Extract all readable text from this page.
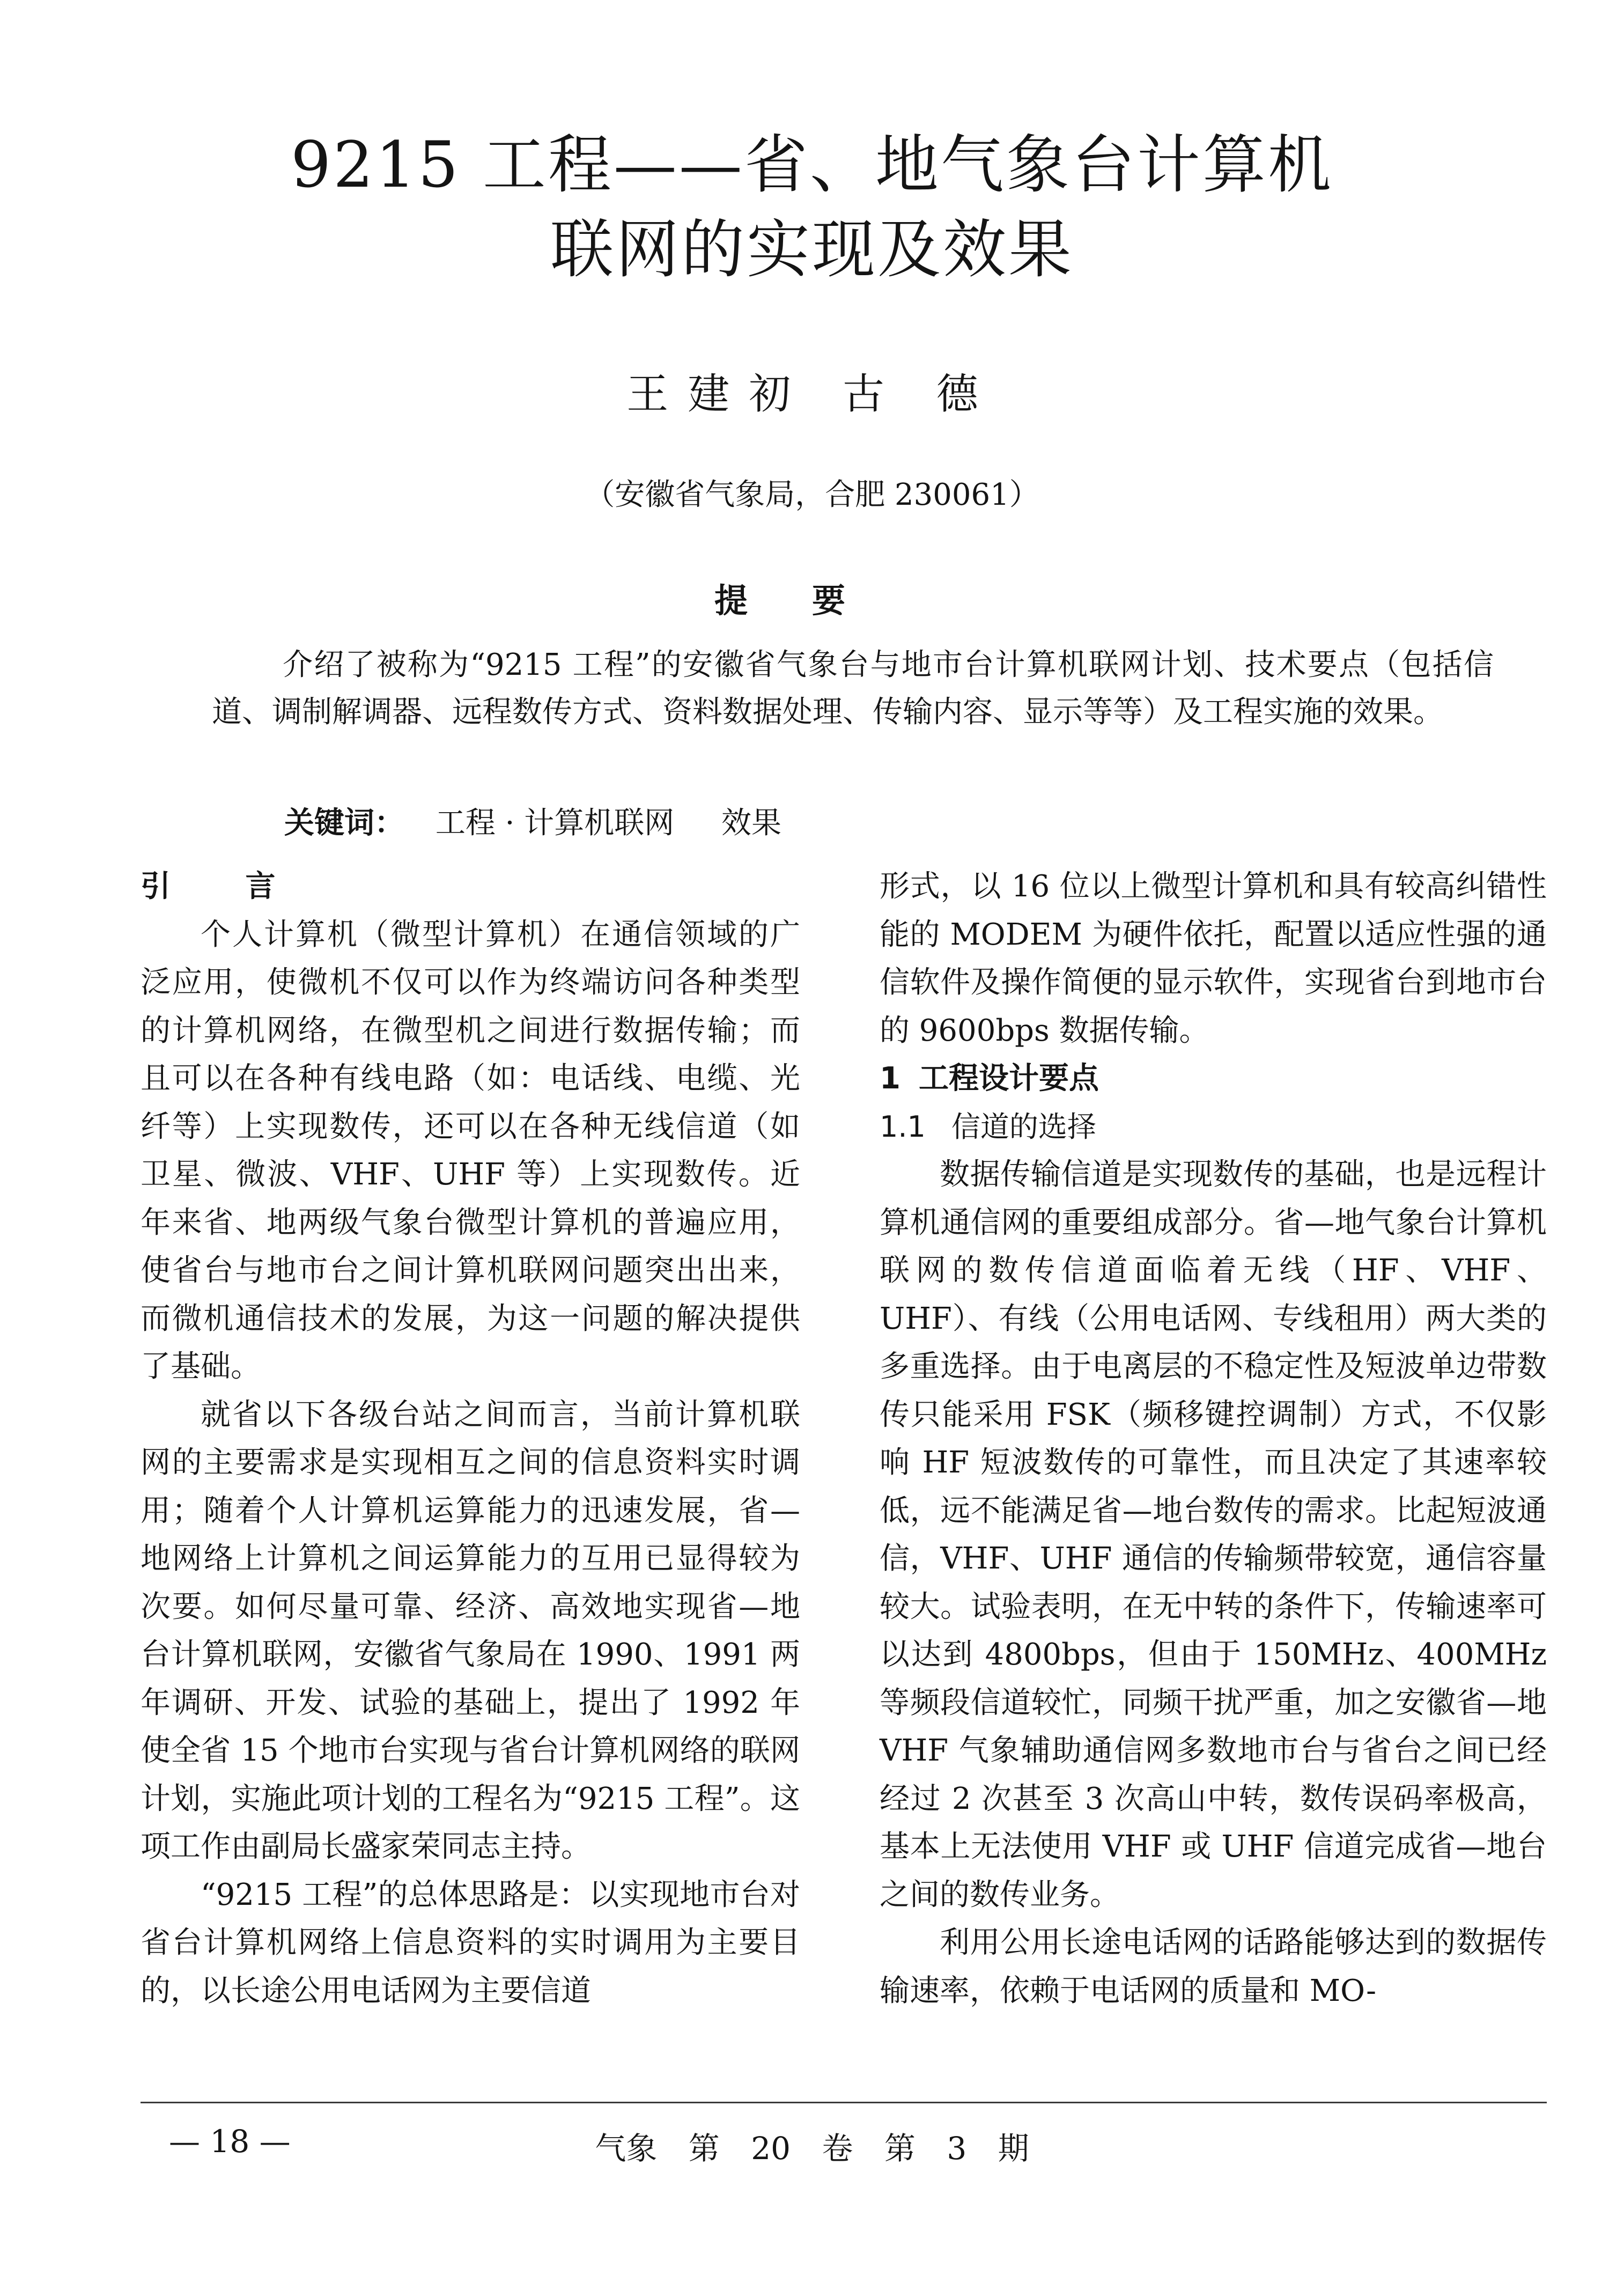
9215 工程——省、地气象台计算机
联网的实现及效果
王建初 古 德
（安徽省气象局，合肥 230061）
提要

介绍了被称为“9215 工程”的安徽省气象台与地市台计算机联网计划、技术要点（包括信道、调制解调器、远程数传方式、资料数据处理、传输内容、显示等等）及工程实施的效果。

关键词： 工程 · 计算机联网 效果
引 言

个人计算机（微型计算机）在通信领域的广泛应用，使微机不仅可以作为终端访问各种类型的计算机网络，在微型机之间进行数据传输；而且可以在各种有线电路（如：电话线、电缆、光纤等）上实现数传，还可以在各种无线信道（如卫星、微波、VHF、UHF 等）上实现数传。近年来省、地两级气象台微型计算机的普遍应用，使省台与地市台之间计算机联网问题突出出来，而微机通信技术的发展，为这一问题的解决提供了基础。

就省以下各级台站之间而言，当前计算机联网的主要需求是实现相互之间的信息资料实时调用；随着个人计算机运算能力的迅速发展，省—地网络上计算机之间运算能力的互用已显得较为次要。如何尽量可靠、经济、高效地实现省—地台计算机联网，安徽省气象局在 1990、1991 两年调研、开发、试验的基础上，提出了 1992 年使全省 15 个地市台实现与省台计算机网络的联网计划，实施此项计划的工程名为“9215 工程”。这项工作由副局长盛家荣同志主持。

“9215 工程”的总体思路是：以实现地市台对省台计算机网络上信息资料的实时调用为主要目的，以长途公用电话网为主要信道

形式，以 16 位以上微型计算机和具有较高纠错性能的 MODEM 为硬件依托，配置以适应性强的通信软件及操作简便的显示软件，实现省台到地市台的 9600bps 数据传输。

1 工程设计要点
1.1 信道的选择

数据传输信道是实现数传的基础，也是远程计算机通信网的重要组成部分。省—地气象台计算机联网的数传信道面临着无线（HF、VHF、UHF）、有线（公用电话网、专线租用）两大类的多重选择。由于电离层的不稳定性及短波单边带数传只能采用 FSK（频移键控调制）方式，不仅影响 HF 短波数传的可靠性，而且决定了其速率较低，远不能满足省—地台数传的需求。比起短波通信，VHF、UHF 通信的传输频带较宽，通信容量较大。试验表明，在无中转的条件下，传输速率可以达到 4800bps，但由于 150MHz、400MHz 等频段信道较忙，同频干扰严重，加之安徽省—地 VHF 气象辅助通信网多数地市台与省台之间已经经过 2 次甚至 3 次高山中转，数传误码率极高，基本上无法使用 VHF 或 UHF 信道完成省—地台之间的数传业务。

利用公用长途电话网的话路能够达到的数据传输速率，依赖于电话网的质量和 MO-

— 18 —	气象 第 20 卷 第 3 期
